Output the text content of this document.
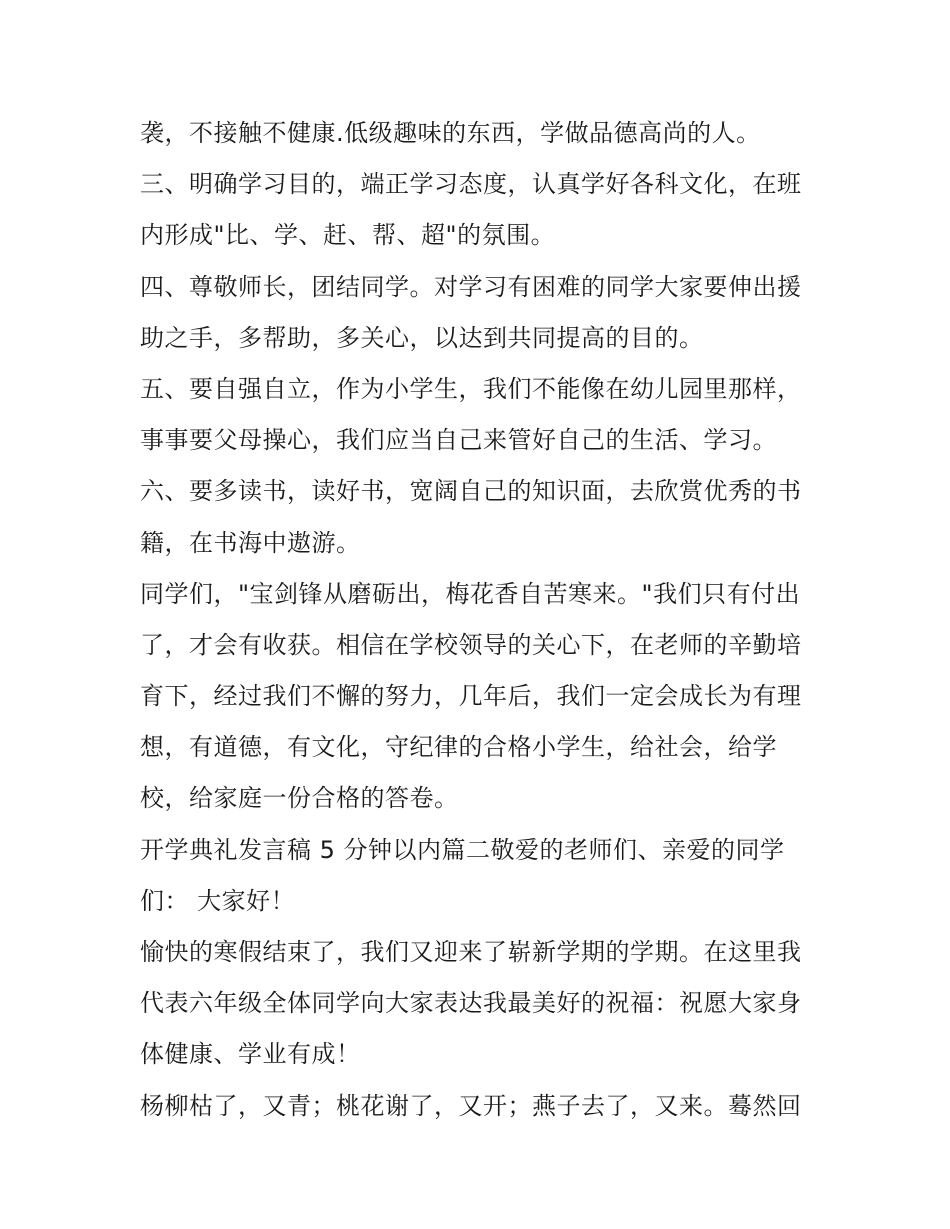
袭，不接触不健康.低级趣味的东西，学做品德高尚的人。
三、明确学习目的，端正学习态度，认真学好各科文化，在班
内形成"比、学、赶、帮、超"的氛围。
四、尊敬师长，团结同学。对学习有困难的同学大家要伸出援
助之手，多帮助，多关心，以达到共同提高的目的。
五、要自强自立，作为小学生，我们不能像在幼儿园里那样，
事事要父母操心，我们应当自己来管好自己的生活、学习。
六、要多读书，读好书，宽阔自己的知识面，去欣赏优秀的书
籍，在书海中遨游。
同学们，"宝剑锋从磨砺出，梅花香自苦寒来。"我们只有付出
了，才会有收获。相信在学校领导的关心下，在老师的辛勤培
育下，经过我们不懈的努力，几年后，我们一定会成长为有理
想，有道德，有文化，守纪律的合格小学生，给社会，给学
校，给家庭一份合格的答卷。
开学典礼发言稿 5 分钟以内篇二敬爱的老师们、亲爱的同学
们： 大家好！
愉快的寒假结束了，我们又迎来了崭新学期的学期。在这里我
代表六年级全体同学向大家表达我最美好的祝福：祝愿大家身
体健康、学业有成！
杨柳枯了，又青；桃花谢了，又开；燕子去了，又来。蓦然回
